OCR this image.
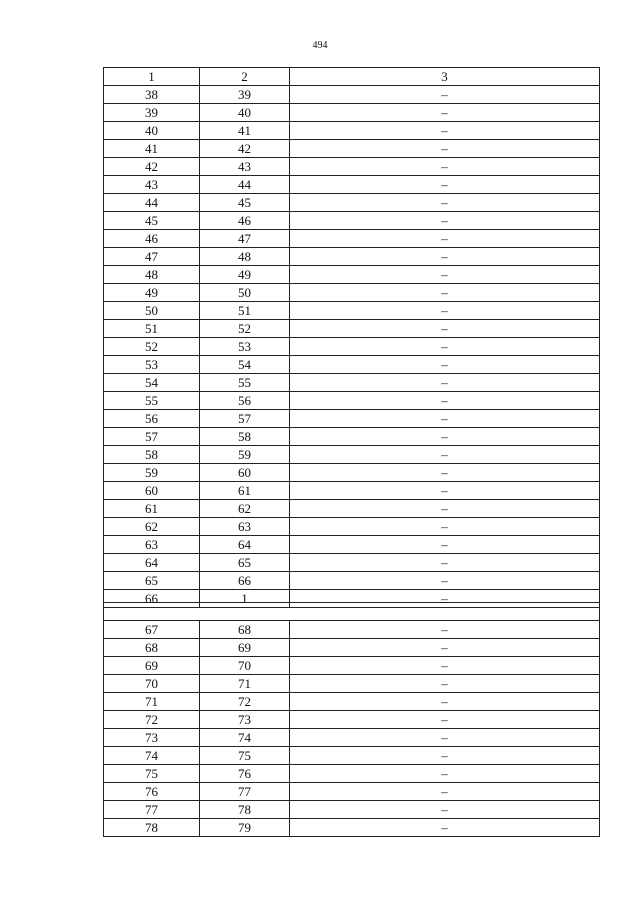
494
1	2	3
38	39	–
39	40	–
40	41	–
41	42	–
42	43	–
43	44	–
44	45	–
45	46	–
46	47	–
47	48	–
48	49	–
49	50	–
50	51	–
51	52	–
52	53	–
53	54	–
54	55	–
55	56	–
56	57	–
57	58	–
58	59	–
59	60	–
60	61	–
61	62	–
62	63	–
63	64	–
64	65	–
65	66	–
66	1	–

67	68	–
68	69	–
69	70	–
70	71	–
71	72	–
72	73	–
73	74	–
74	75	–
75	76	–
76	77	–
77	78	–
78	79	–
